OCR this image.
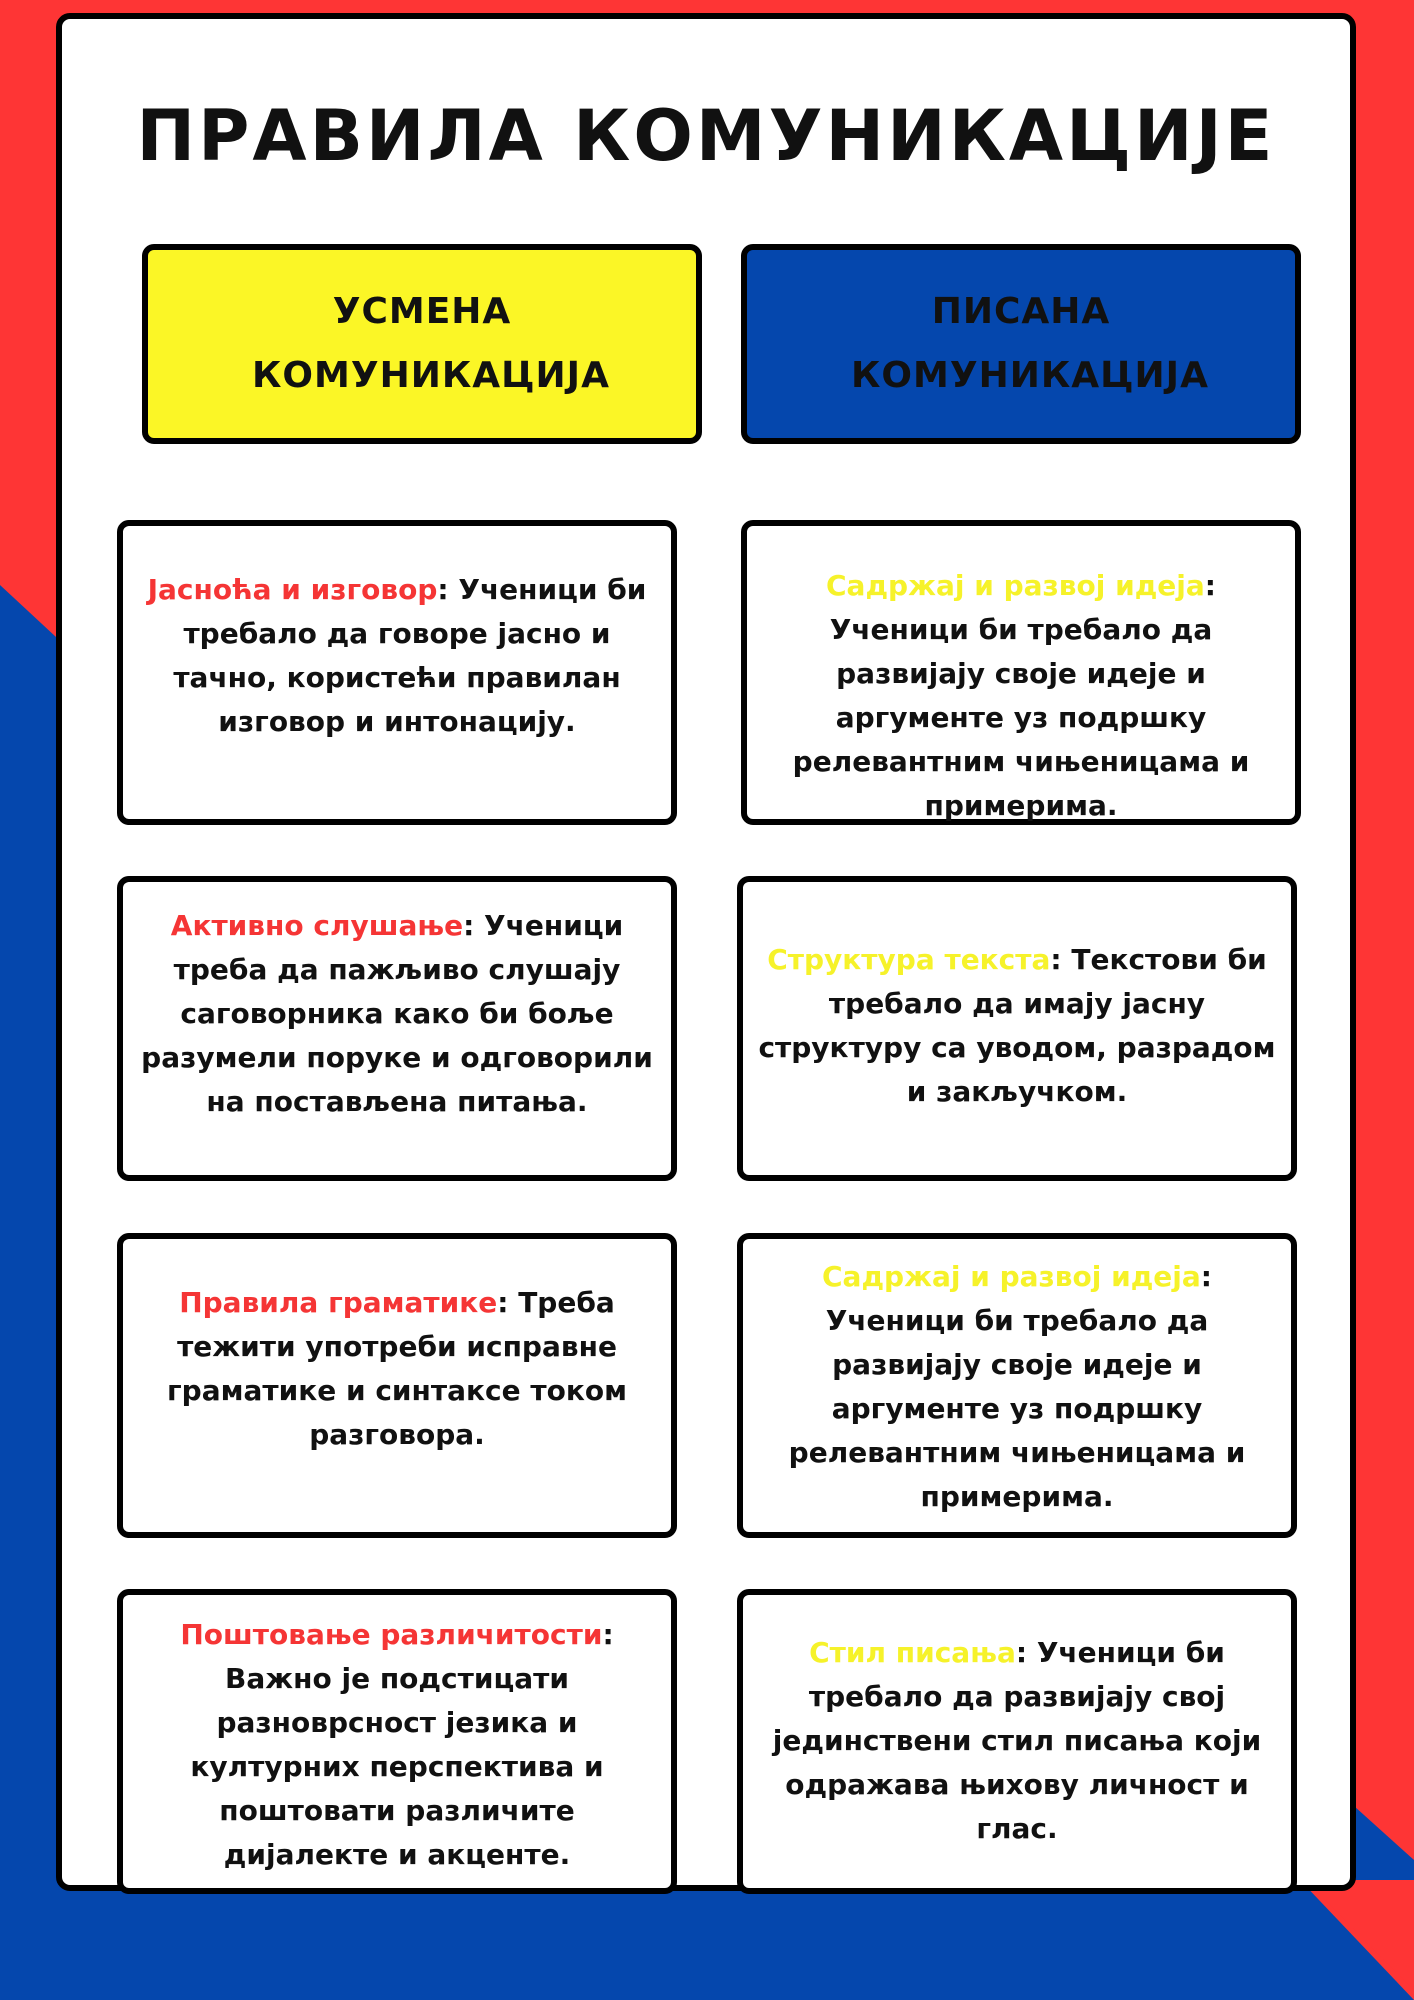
ПРАВИЛА КОМУНИКАЦИЈЕ
УСМЕНА КОМУНИКАЦИЈА
ПИСАНА КОМУНИКАЦИЈА

Јасноћа и изговор: Ученици би требало да говоре јасно и тачно, користећи правилан изговор и интонацију.

Активно слушање: Ученици треба да пажљиво слушају саговорника како би боље разумели поруке и одговорили на постављена питања.

Правила граматике: Треба тежити употреби исправне граматике и синтаксе током разговора.

Поштовање различитости: Важно је подстицати разноврсност језика и културних перспектива и поштовати различите дијалекте и акценте.

Садржај и развој идеја: Ученици би требало да развијају своје идеје и аргументе уз подршку релевантним чињеницама и примерима.

Структура текста: Текстови би требало да имају јасну структуру са уводом, разрадом и закључком.

Садржај и развој идеја: Ученици би требало да развијају своје идеје и аргументе уз подршку релевантним чињеницама и примерима.

Стил писања: Ученици би требало да развијају свој јединствени стил писања који одражава њихову личност и глас.
